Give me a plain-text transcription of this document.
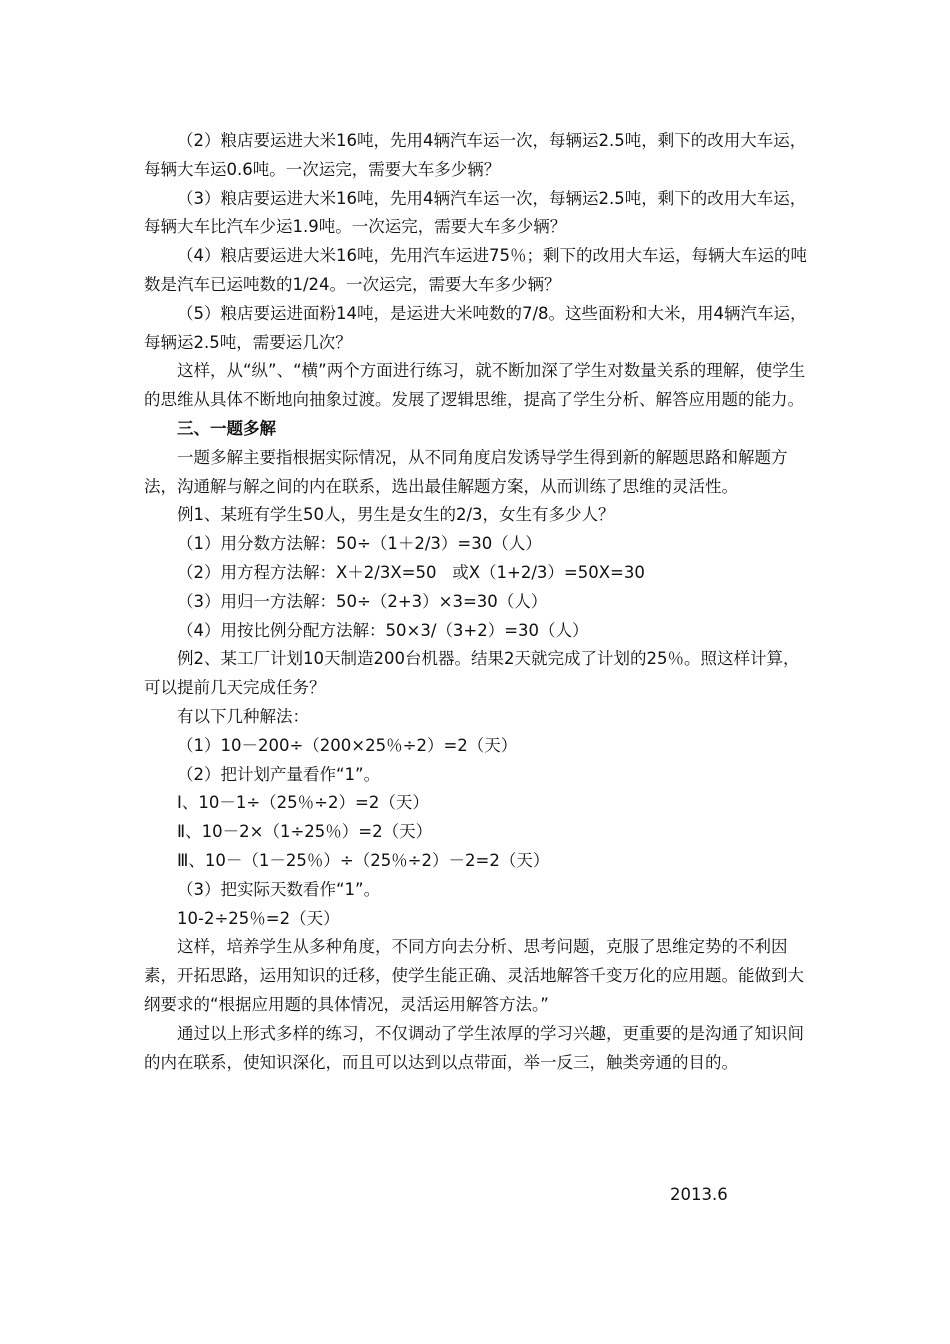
（2）粮店要运进大米16吨，先用4辆汽车运一次，每辆运2.5吨，剩下的改用大车运，每辆大车运0.6吨。一次运完，需要大车多少辆？

（3）粮店要运进大米16吨，先用4辆汽车运一次，每辆运2.5吨，剩下的改用大车运，每辆大车比汽车少运1.9吨。一次运完，需要大车多少辆？

（4）粮店要运进大米16吨，先用汽车运进75％；剩下的改用大车运，每辆大车运的吨数是汽车已运吨数的1/24。一次运完，需要大车多少辆？

（5）粮店要运进面粉14吨，是运进大米吨数的7/8。这些面粉和大米，用4辆汽车运，每辆运2.5吨，需要运几次？

这样，从“纵”、“横”两个方面进行练习，就不断加深了学生对数量关系的理解，使学生的思维从具体不断地向抽象过渡。发展了逻辑思维，提高了学生分析、解答应用题的能力。

三、一题多解

一题多解主要指根据实际情况，从不同角度启发诱导学生得到新的解题思路和解题方法，沟通解与解之间的内在联系，选出最佳解题方案，从而训练了思维的灵活性。

例1、某班有学生50人，男生是女生的2/3，女生有多少人？

（1）用分数方法解：50÷（1＋2/3）=30（人）

（2）用方程方法解：X＋2/3X=50   或X（1+2/3）=50X=30

（3）用归一方法解：50÷（2+3）×3=30（人）

（4）用按比例分配方法解：50×3/（3+2）=30（人）

例2、某工厂计划10天制造200台机器。结果2天就完成了计划的25％。照这样计算，可以提前几天完成任务？

有以下几种解法：

（1）10－200÷（200×25％÷2）=2（天）

（2）把计划产量看作“1”。

Ⅰ、10－1÷（25％÷2）=2（天）

Ⅱ、10－2×（1÷25％）=2（天）

Ⅲ、10－（1－25％）÷（25％÷2）－2=2（天）

（3）把实际天数看作“1”。

10-2÷25％=2（天）

这样，培养学生从多种角度，不同方向去分析、思考问题，克服了思维定势的不利因素，开拓思路，运用知识的迁移，使学生能正确、灵活地解答千变万化的应用题。能做到大纲要求的“根据应用题的具体情况，灵活运用解答方法。”

通过以上形式多样的练习，不仅调动了学生浓厚的学习兴趣，更重要的是沟通了知识间的内在联系，使知识深化，而且可以达到以点带面，举一反三，触类旁通的目的。

2013.6
